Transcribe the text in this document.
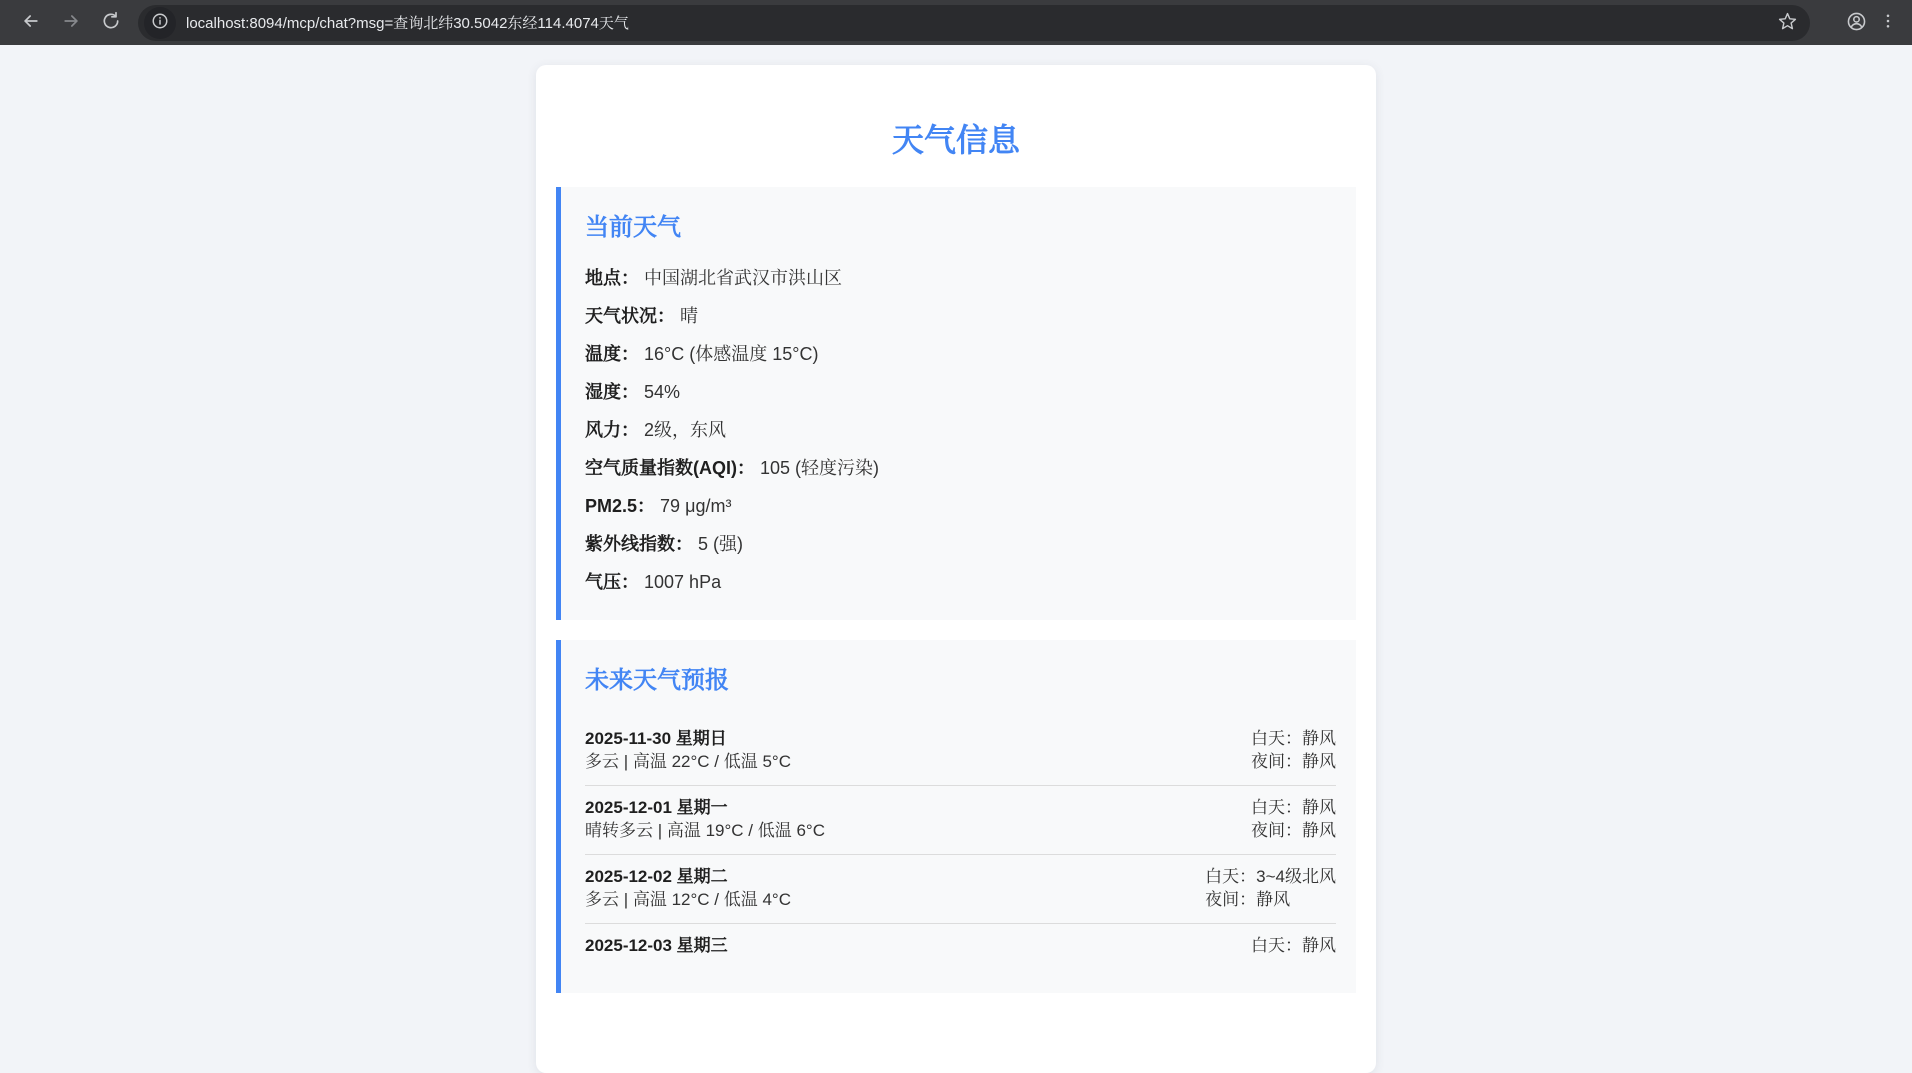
localhost:8094/mcp/chat?msg=查询北纬30.5042东经114.4074天气
天气信息
当前天气

地点： 中国湖北省武汉市洪山区

天气状况： 晴

温度： 16°C (体感温度 15°C)

湿度： 54%

风力： 2级，东风

空气质量指数(AQI)： 105 (轻度污染)

PM2.5： 79 μg/m³

紫外线指数： 5 (强)

气压： 1007 hPa

未来天气预报
2025-11-30 星期日
多云 | 高温 22°C / 低温 5°C
白天：静风
夜间：静风
2025-12-01 星期一
晴转多云 | 高温 19°C / 低温 6°C
白天：静风
夜间：静风
2025-12-02 星期二
多云 | 高温 12°C / 低温 4°C
白天：3~4级北风
夜间：静风
2025-12-03 星期三	白天：静风
